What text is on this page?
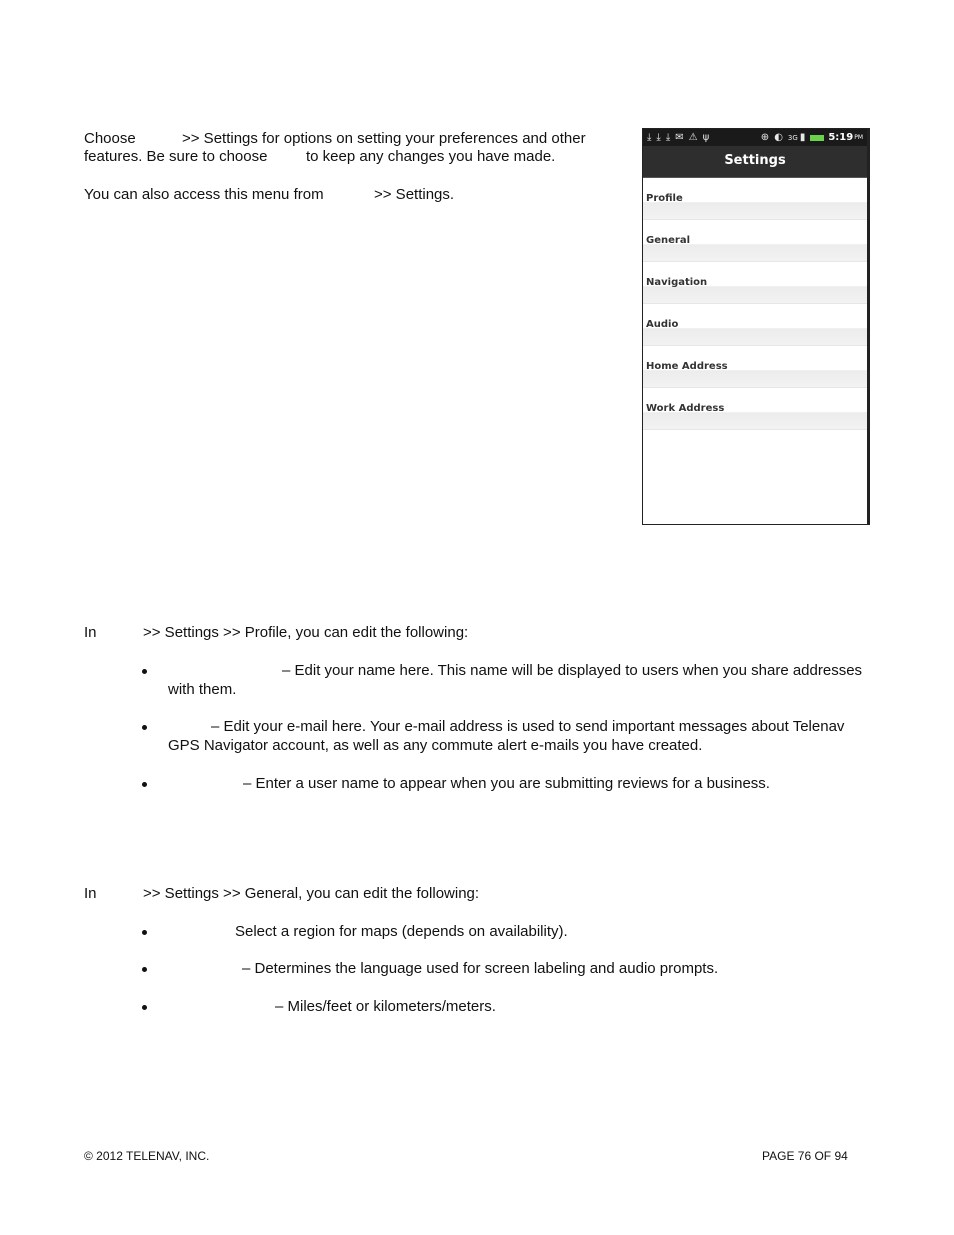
Choose	>> Settings for options on setting your preferences and other
features. Be sure to choose	to keep any changes you have made.
You can also access this menu from	>> Settings.
⤓ ⤓ ⤓ ✉ ⚠ ψ	⊕ ◐ 3G ▮ 5:19 PM
Settings
Profile
General
Navigation
Audio
Home Address
Work Address
In	>> Settings >> Profile, you can edit the following:
– Edit your name here. This name will be displayed to users when you share addresses
with them.
– Edit your e-mail here. Your e-mail address is used to send important messages about Telenav
GPS Navigator account, as well as any commute alert e-mails you have created.
– Enter a user name to appear when you are submitting reviews for a business.
In	>> Settings >> General, you can edit the following:
Select a region for maps (depends on availability).
– Determines the language used for screen labeling and audio prompts.
– Miles/feet or kilometers/meters.
© 2012 TELENAV, INC.	PAGE 76 OF 94
